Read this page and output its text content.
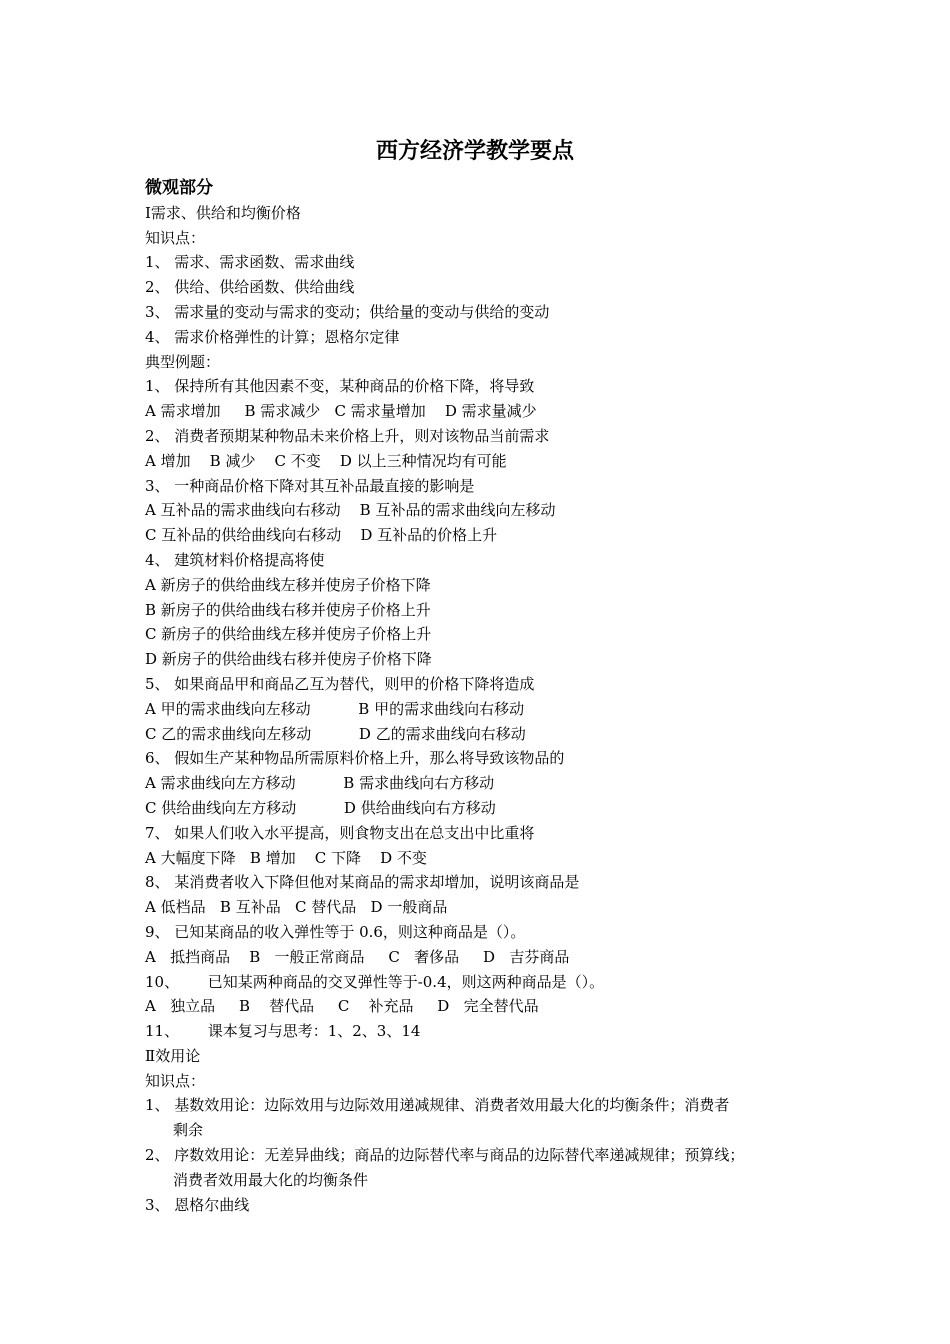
西方经济学教学要点
微观部分
Ⅰ需求、供给和均衡价格
知识点：
1、 需求、需求函数、需求曲线
2、 供给、供给函数、供给曲线
3、 需求量的变动与需求的变动；供给量的变动与供给的变动
4、 需求价格弹性的计算；恩格尔定律
典型例题：
1、 保持所有其他因素不变，某种商品的价格下降，将导致
A 需求增加     B 需求减少   C 需求量增加    D 需求量减少
2、 消费者预期某种物品未来价格上升，则对该物品当前需求
A 增加    B 减少    C 不变    D 以上三种情况均有可能
3、 一种商品价格下降对其互补品最直接的影响是
A 互补品的需求曲线向右移动    B 互补品的需求曲线向左移动
C 互补品的供给曲线向右移动    D 互补品的价格上升
4、 建筑材料价格提高将使
A 新房子的供给曲线左移并使房子价格下降
B 新房子的供给曲线右移并使房子价格上升
C 新房子的供给曲线左移并使房子价格上升
D 新房子的供给曲线右移并使房子价格下降
5、 如果商品甲和商品乙互为替代，则甲的价格下降将造成
A 甲的需求曲线向左移动          B 甲的需求曲线向右移动
C 乙的需求曲线向左移动          D 乙的需求曲线向右移动
6、 假如生产某种物品所需原料价格上升，那么将导致该物品的
A 需求曲线向左方移动          B 需求曲线向右方移动
C 供给曲线向左方移动          D 供给曲线向右方移动
7、 如果人们收入水平提高，则食物支出在总支出中比重将
A 大幅度下降   B 增加    C 下降    D 不变
8、 某消费者收入下降但他对某商品的需求却增加，说明该商品是
A 低档品   B 互补品   C 替代品   D 一般商品
9、 已知某商品的收入弹性等于 0.6，则这种商品是（）。
A   抵挡商品    B   一般正常商品     C   奢侈品     D   吉芬商品
10、      已知某两种商品的交叉弹性等于-0.4，则这两种商品是（）。
A   独立品     B    替代品     C    补充品     D   完全替代品
11、      课本复习与思考：1、2、3、14
Ⅱ效用论
知识点：
1、 基数效用论：边际效用与边际效用递减规律、消费者效用最大化的均衡条件；消费者
剩余
2、 序数效用论：无差异曲线；商品的边际替代率与商品的边际替代率递减规律；预算线；
消费者效用最大化的均衡条件
3、 恩格尔曲线
